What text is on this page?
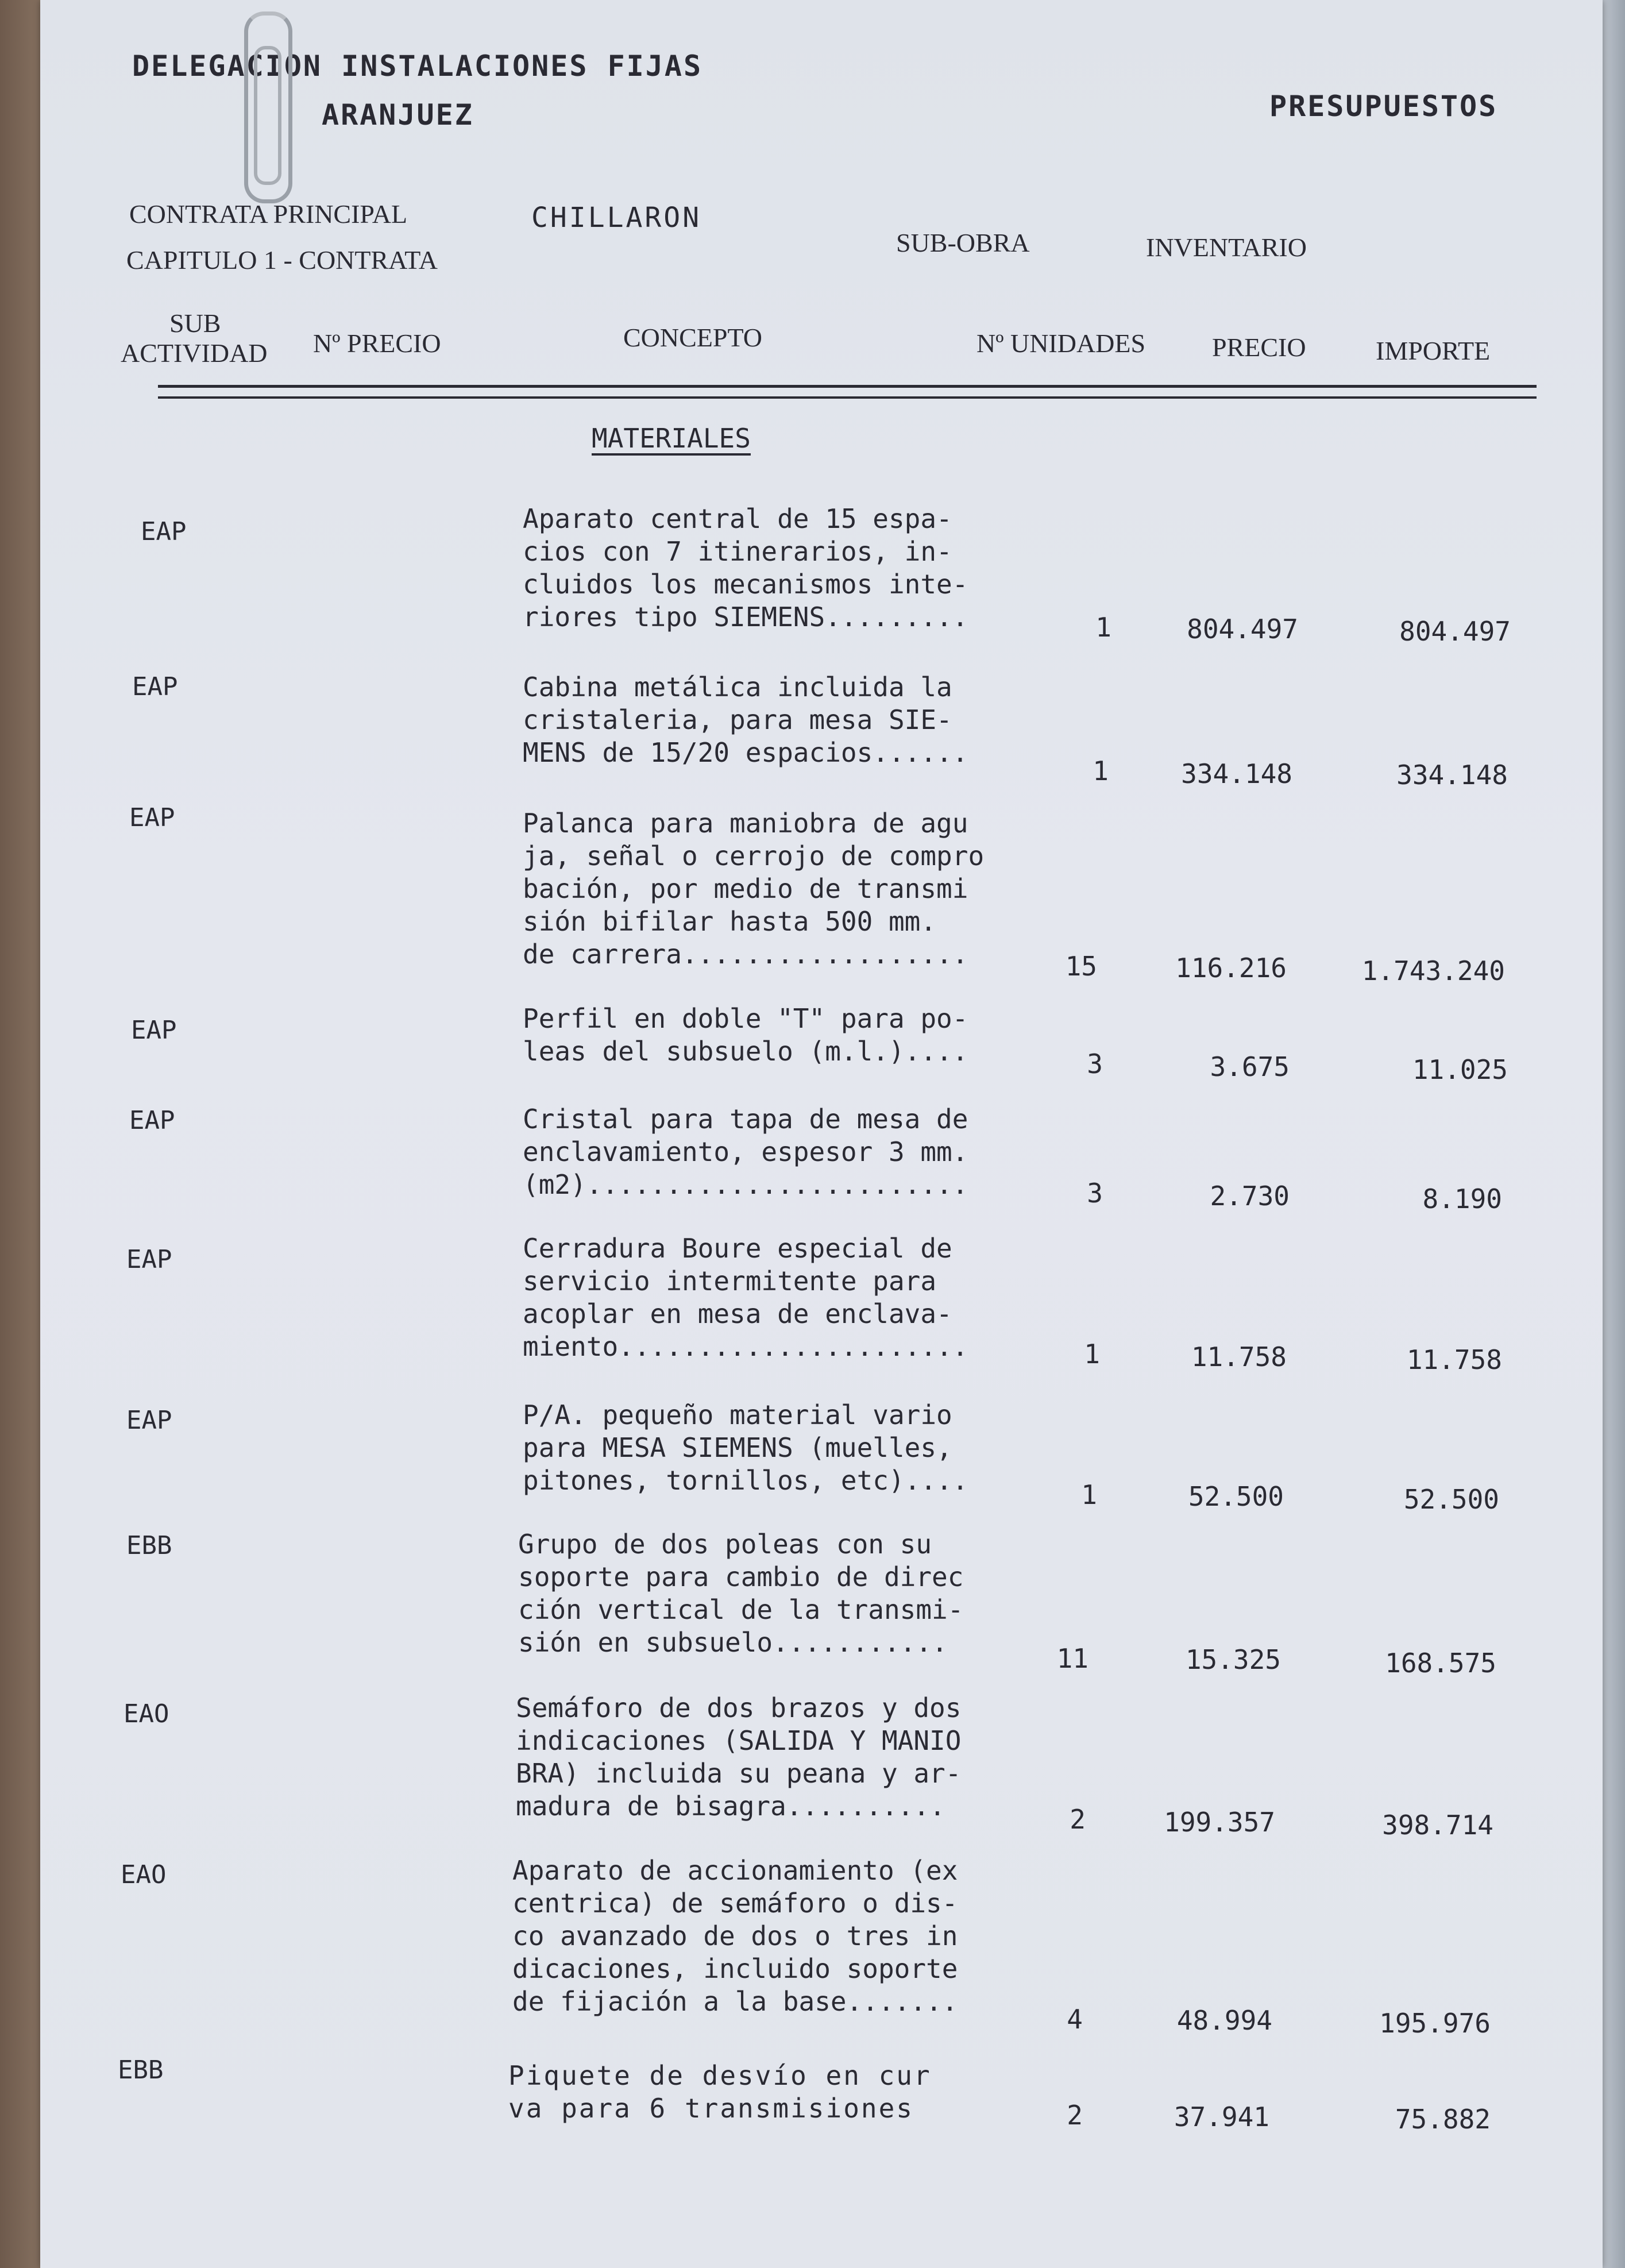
DELEGACION INSTALACIONES FIJAS
ARANJUEZ	PRESUPUESTOS
CONTRATA PRINCIPAL
CAPITULO 1 - CONTRATA
CHILLARON
SUB-OBRA	INVENTARIO
SUB
ACTIVIDAD Nº PRECIO	CONCEPTO	Nº UNIDADES	PRECIO	IMPORTE
MATERIALES
EAP	Aparato central de 15 espa-
cios con 7 itinerarios, in-
cluidos los mecanismos inte-
riores tipo SIEMENS.........	1	804.497	804.497
EAP	Cabina metálica incluida la
cristaleria, para mesa SIE-
MENS de 15/20 espacios......
1	334.148	334.148
EAP	Palanca para maniobra de agu
ja, señal o cerrojo de compro
bación, por medio de transmi
sión bifilar hasta 500 mm.
de carrera..................	15	116.216	1.743.240
EAP	Perfil en doble "T" para po-
leas del subsuelo (m.l.)....	3	3.675	11.025
EAP	Cristal para tapa de mesa de
enclavamiento, espesor 3 mm.
(m2)........................	3	2.730	8.190
EAP	Cerradura Boure especial de
servicio intermitente para
acoplar en mesa de enclava-
miento......................	1	11.758	11.758
EAP	P/A. pequeño material vario
para MESA SIEMENS (muelles,
pitones, tornillos, etc)....	1	52.500	52.500
EBB	Grupo de dos poleas con su
soporte para cambio de direc
ción vertical de la transmi-
sión en subsuelo...........
11	15.325	168.575
EAO	Semáforo de dos brazos y dos
indicaciones (SALIDA Y MANIO
BRA) incluida su peana y ar-
madura de bisagra..........	2	199.357	398.714
EAO	Aparato de accionamiento (ex
centrica) de semáforo o dis-
co avanzado de dos o tres in
dicaciones, incluido soporte
de fijación a la base.......
4	48.994	195.976
EBB	Piquete de desvío en cur
va para 6 transmisiones	2	37.941	75.882
